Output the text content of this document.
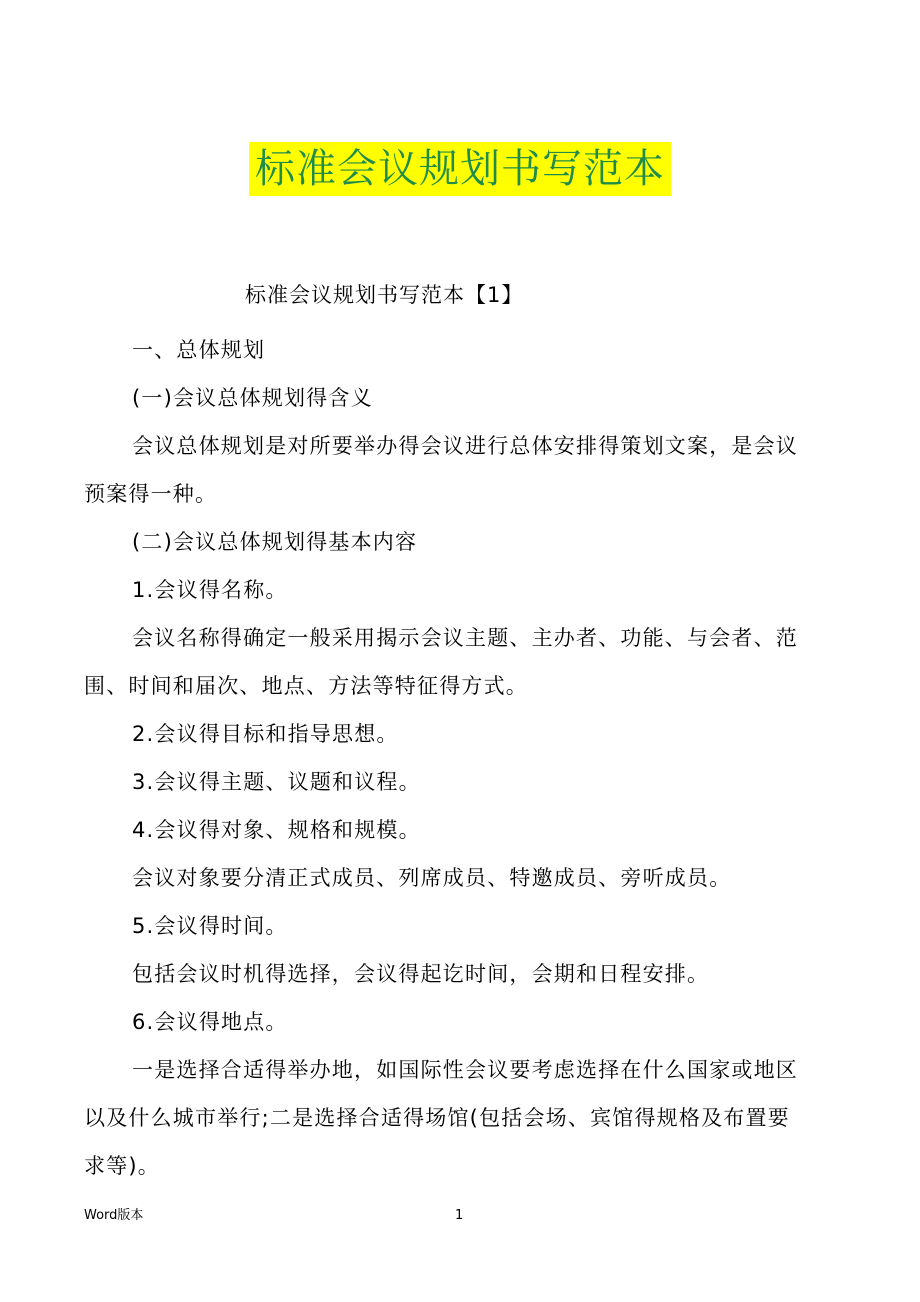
标准会议规划书写范本
标准会议规划书写范本【1】

一、总体规划

(一)会议总体规划得含义

会议总体规划是对所要举办得会议进行总体安排得策划文案，是会议

预案得一种。

(二)会议总体规划得基本内容

1.会议得名称。

会议名称得确定一般采用揭示会议主题、主办者、功能、与会者、范

围、时间和届次、地点、方法等特征得方式。

2.会议得目标和指导思想。

3.会议得主题、议题和议程。

4.会议得对象、规格和规模。

会议对象要分清正式成员、列席成员、特邀成员、旁听成员。

5.会议得时间。

包括会议时机得选择，会议得起讫时间，会期和日程安排。

6.会议得地点。

一是选择合适得举办地，如国际性会议要考虑选择在什么国家或地区

以及什么城市举行;二是选择合适得场馆(包括会场、宾馆得规格及布置要

求等)。

Word版本	1
